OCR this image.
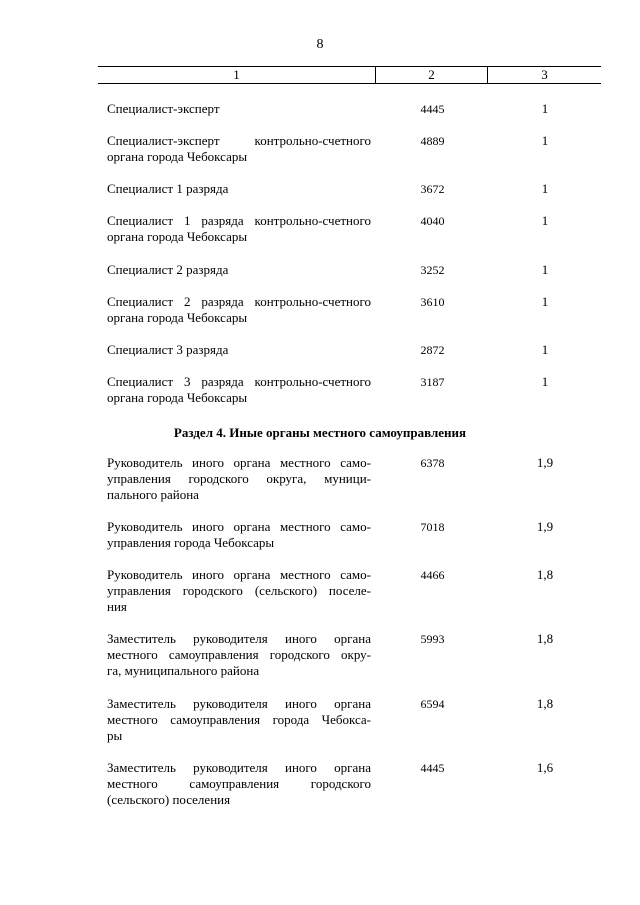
8
1	2	3
Специалист-эксперт	4445	1
Специалист-эксперт контрольно-счетного
органа города Чебоксары
4889	1
Специалист 1 разряда	3672	1
Специалист 1 разряда контрольно-счетного
органа города Чебоксары
4040	1
Специалист 2 разряда	3252	1
Специалист 2 разряда контрольно-счетного
органа города Чебоксары
3610	1
Специалист 3 разряда	2872	1
Специалист 3 разряда контрольно-счетного
органа города Чебоксары
3187	1
Раздел 4. Иные органы местного самоуправления
Руководитель иного органа местного само-
управления городского округа, муници-
пального района
6378	1,9
Руководитель иного органа местного само-
управления города Чебоксары
7018	1,9
Руководитель иного органа местного само-
управления городского (сельского) поселе-
ния
4466	1,8
Заместитель руководителя иного органа
местного самоуправления городского окру-
га, муниципального района
5993	1,8
Заместитель руководителя иного органа
местного самоуправления города Чебокса-
ры
6594	1,8
Заместитель руководителя иного органа
местного самоуправления городского
(сельского) поселения
4445	1,6
